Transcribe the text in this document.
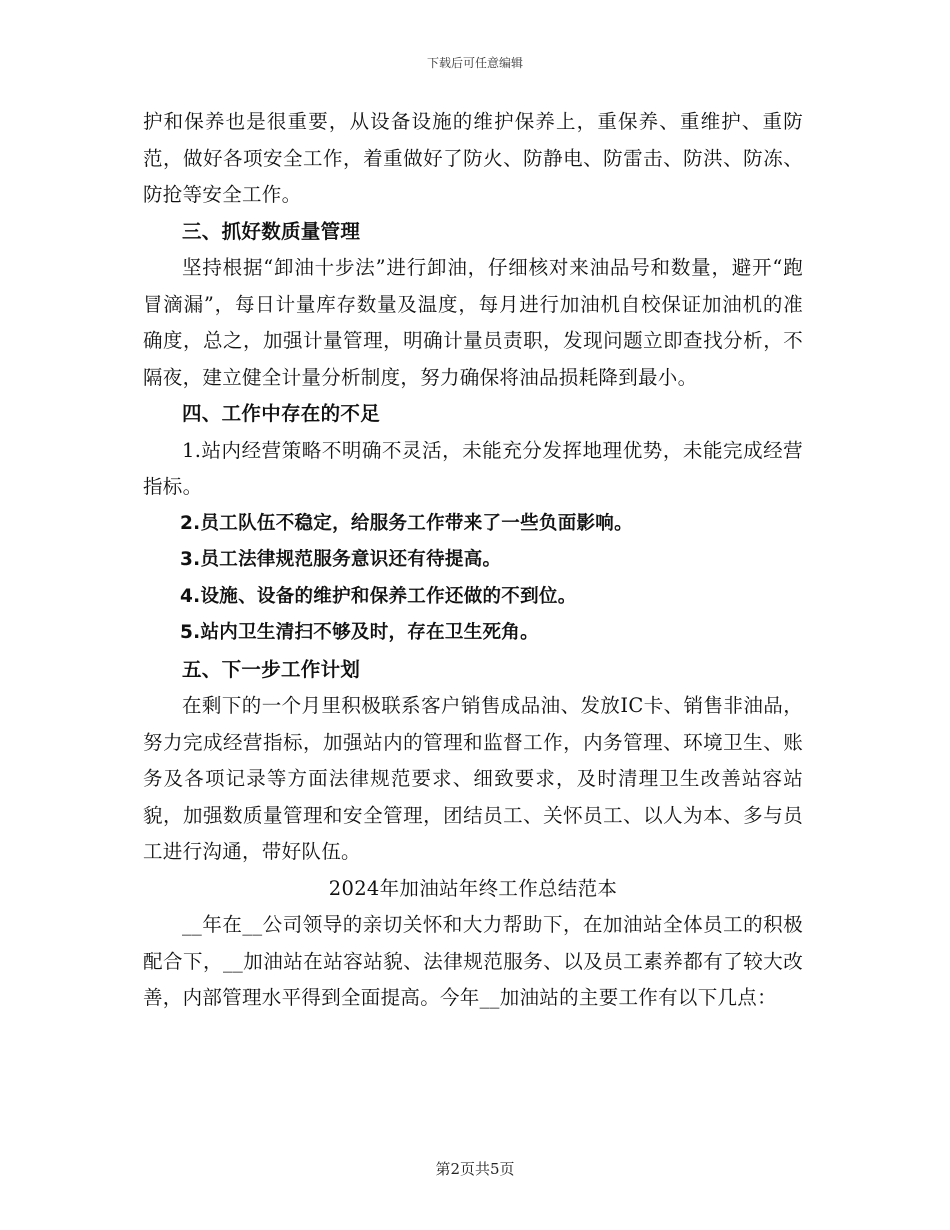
下载后可任意编辑

护和保养也是很重要，从设备设施的维护保养上，重保养、重维护、重防范，做好各项安全工作，着重做好了防火、防静电、防雷击、防洪、防冻、防抢等安全工作。

三、抓好数质量管理

坚持根据“卸油十步法”进行卸油，仔细核对来油品号和数量，避开“跑冒滴漏”，每日计量库存数量及温度，每月进行加油机自校保证加油机的准确度，总之，加强计量管理，明确计量员责职，发现问题立即查找分析，不隔夜，建立健全计量分析制度，努力确保将油品损耗降到最小。

四、工作中存在的不足

1.站内经营策略不明确不灵活，未能充分发挥地理优势，未能完成经营指标。

2.员工队伍不稳定，给服务工作带来了一些负面影响。

3.员工法律规范服务意识还有待提高。

4.设施、设备的维护和保养工作还做的不到位。

5.站内卫生清扫不够及时，存在卫生死角。

五、下一步工作计划

在剩下的一个月里积极联系客户销售成品油、发放IC卡、销售非油品，努力完成经营指标，加强站内的管理和监督工作，内务管理、环境卫生、账务及各项记录等方面法律规范要求、细致要求，及时清理卫生改善站容站貌，加强数质量管理和安全管理，团结员工、关怀员工、以人为本、多与员工进行沟通，带好队伍。

2024年加油站年终工作总结范本

__年在__公司领导的亲切关怀和大力帮助下，在加油站全体员工的积极配合下，__加油站在站容站貌、法律规范服务、以及员工素养都有了较大改善，内部管理水平得到全面提高。今年__加油站的主要工作有以下几点：

第2页共5页
